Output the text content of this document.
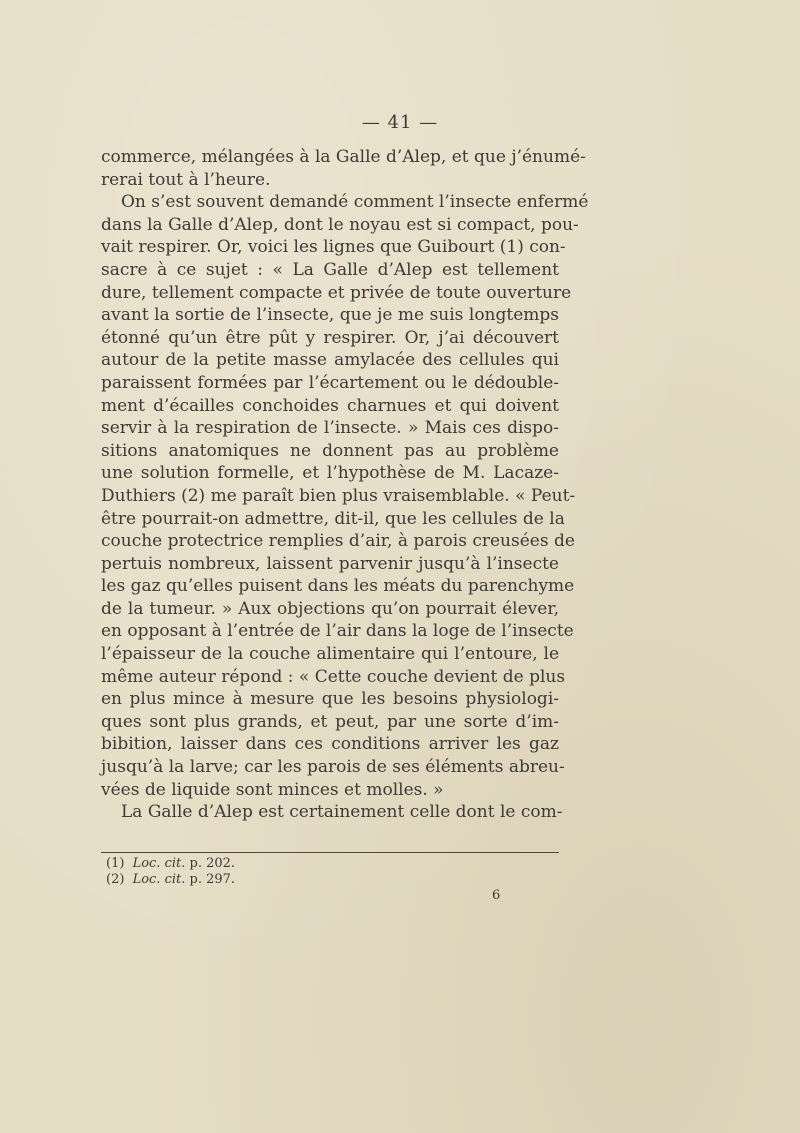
— 41 —
commerce, mélangées à la Galle d’Alep, et que j’énumé-
rerai tout à l’heure.
On s’est souvent demandé comment l’insecte enfermé
dans la Galle d’Alep, dont le noyau est si compact, pou-
vait respirer. Or, voici les lignes que Guibourt (1) con-
sacre à ce sujet : « La Galle d’Alep est tellement
dure, tellement compacte et privée de toute ouverture
avant la sortie de l’insecte, que je me suis longtemps
étonné qu’un être pût y respirer. Or, j’ai découvert
autour de la petite masse amylacée des cellules qui
paraissent formées par l’écartement ou le dédouble-
ment d’écailles conchoides charnues et qui doivent
servir à la respiration de l’insecte. » Mais ces dispo-
sitions anatomiques ne donnent pas au problème
une solution formelle, et l’hypothèse de M. Lacaze-
Duthiers (2) me paraît bien plus vraisemblable. « Peut-
être pourrait-on admettre, dit-il, que les cellules de la
couche protectrice remplies d’air, à parois creusées de
pertuis nombreux, laissent parvenir jusqu’à l’insecte
les gaz qu’elles puisent dans les méats du parenchyme
de la tumeur. » Aux objections qu’on pourrait élever,
en opposant à l’entrée de l’air dans la loge de l’insecte
l’épaisseur de la couche alimentaire qui l’entoure, le
même auteur répond : « Cette couche devient de plus
en plus mince à mesure que les besoins physiologi-
ques sont plus grands, et peut, par une sorte d’im-
bibition, laisser dans ces conditions arriver les gaz
jusqu’à la larve; car les parois de ses éléments abreu-
vées de liquide sont minces et molles. »
La Galle d’Alep est certainement celle dont le com-
(1) Loc. cit. p. 202.
(2) Loc. cit. p. 297.
6
